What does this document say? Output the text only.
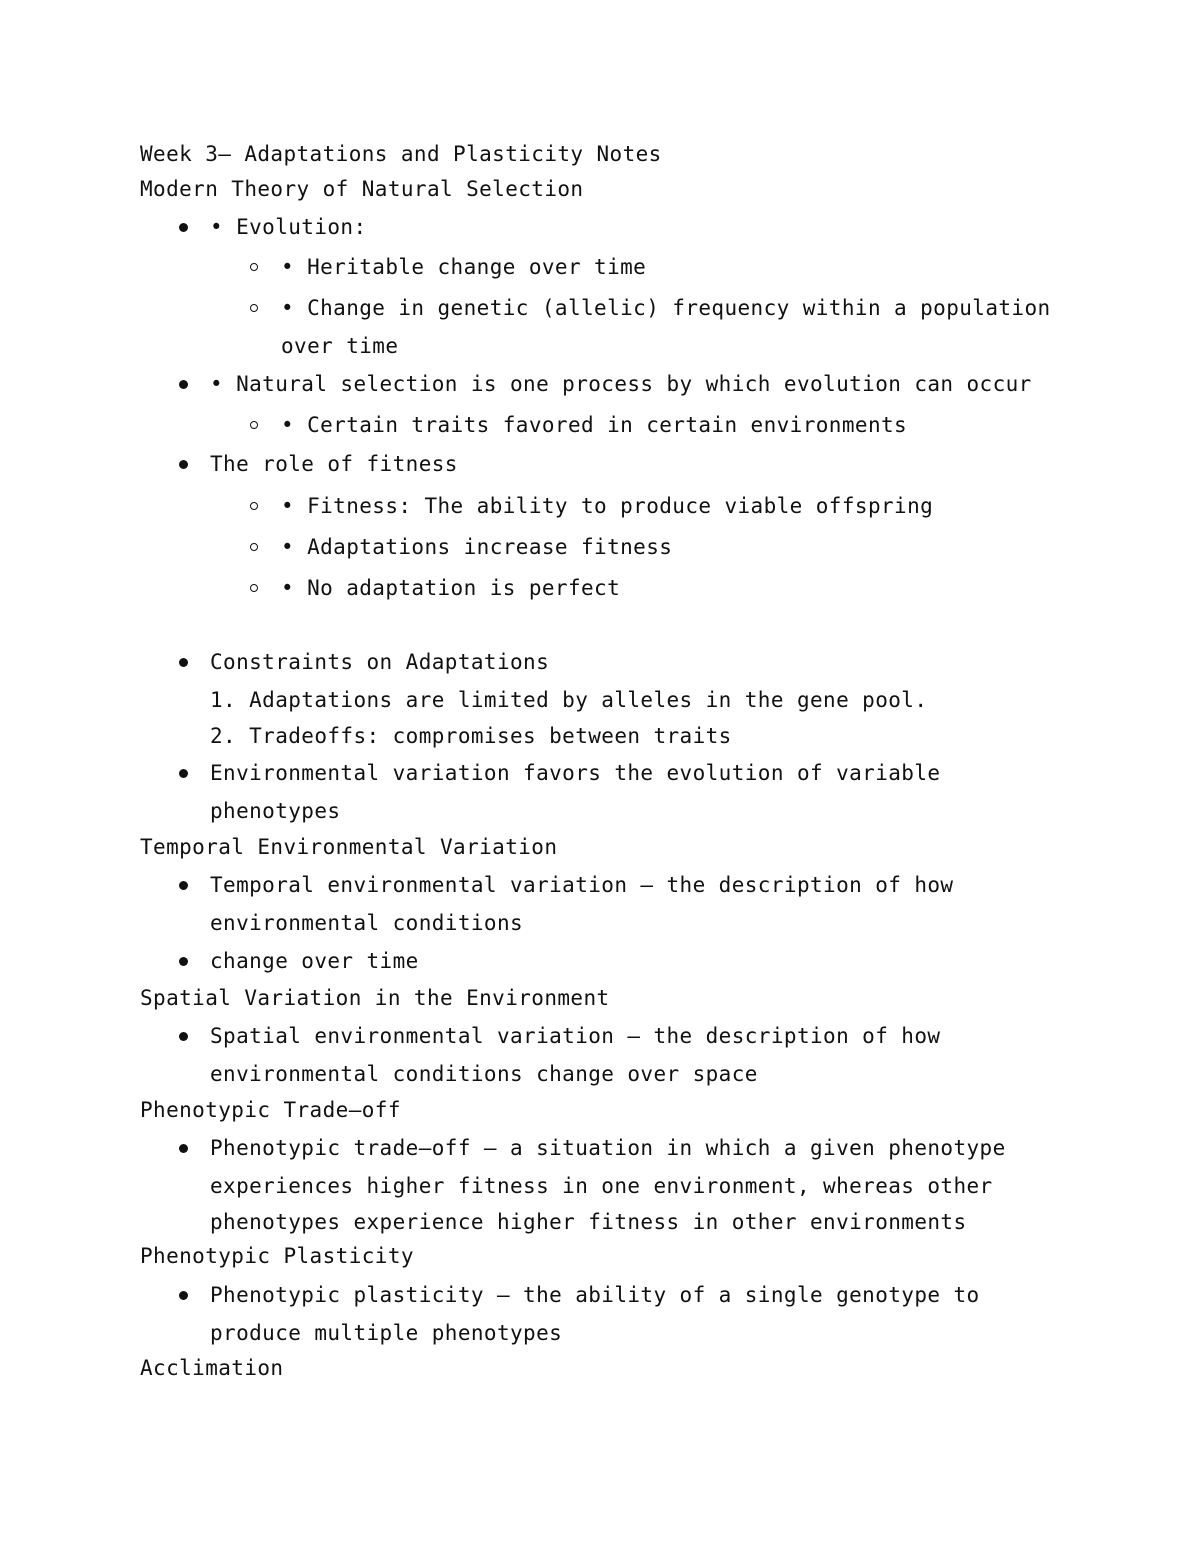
Week 3– Adaptations and Plasticity Notes
Modern Theory of Natural Selection
• Evolution:
• Heritable change over time
• Change in genetic (allelic) frequency within a population
over time
• Natural selection is one process by which evolution can occur
• Certain traits favored in certain environments
The role of fitness
• Fitness: The ability to produce viable offspring
• Adaptations increase fitness
• No adaptation is perfect
Constraints on Adaptations
1. Adaptations are limited by alleles in the gene pool.
2. Tradeoffs: compromises between traits
Environmental variation favors the evolution of variable
phenotypes
Temporal Environmental Variation
Temporal environmental variation – the description of how
environmental conditions
change over time
Spatial Variation in the Environment
Spatial environmental variation – the description of how
environmental conditions change over space
Phenotypic Trade–off
Phenotypic trade–off – a situation in which a given phenotype
experiences higher fitness in one environment, whereas other
phenotypes experience higher fitness in other environments
Phenotypic Plasticity
Phenotypic plasticity – the ability of a single genotype to
produce multiple phenotypes
Acclimation
